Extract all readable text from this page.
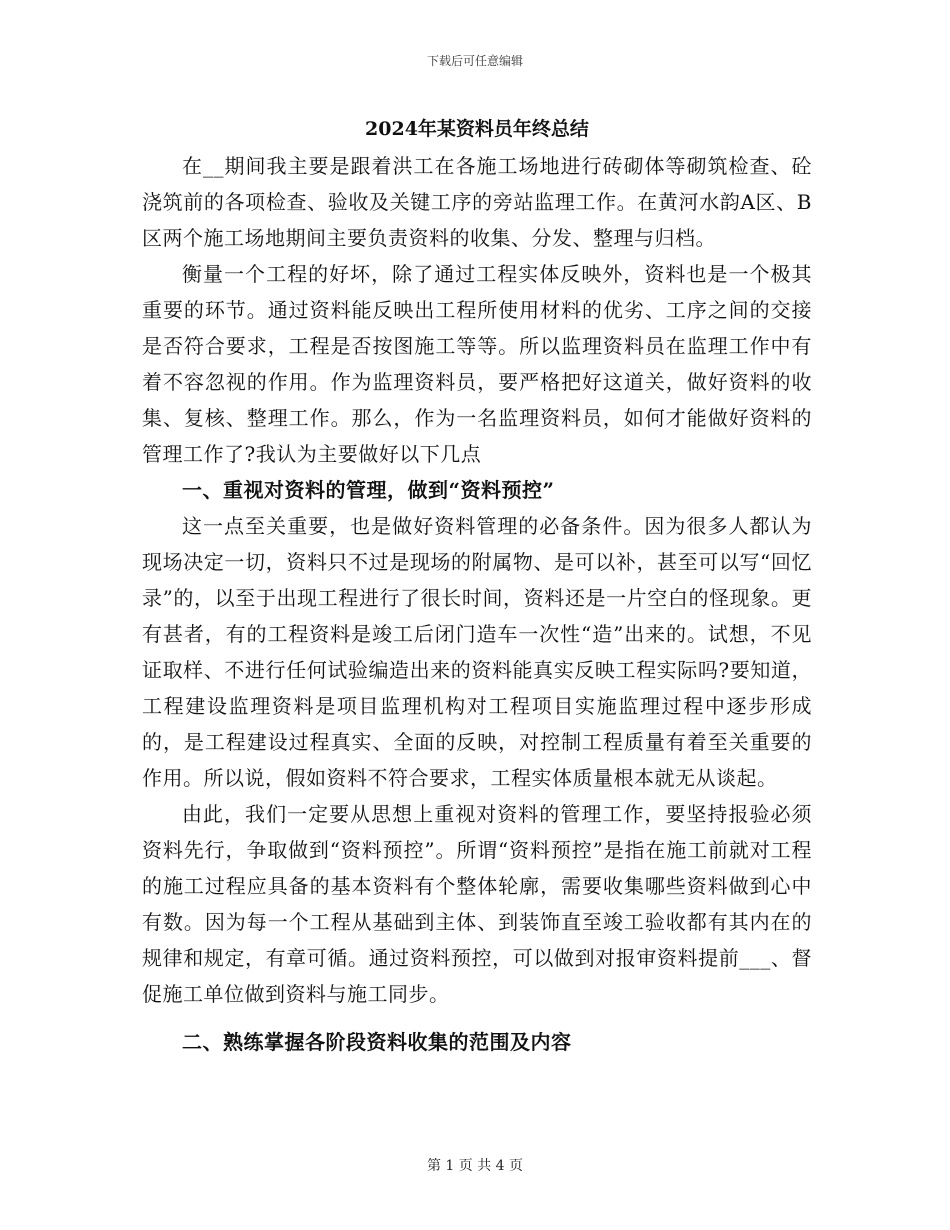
下载后可任意编辑
2024年某资料员年终总结

在__期间我主要是跟着洪工在各施工场地进行砖砌体等砌筑检查、砼浇筑前的各项检查、验收及关键工序的旁站监理工作。在黄河水韵A区、B区两个施工场地期间主要负责资料的收集、分发、整理与归档。

衡量一个工程的好坏，除了通过工程实体反映外，资料也是一个极其重要的环节。通过资料能反映出工程所使用材料的优劣、工序之间的交接是否符合要求，工程是否按图施工等等。所以监理资料员在监理工作中有着不容忽视的作用。作为监理资料员，要严格把好这道关，做好资料的收集、复核、整理工作。那么，作为一名监理资料员，如何才能做好资料的管理工作了?我认为主要做好以下几点

一、重视对资料的管理，做到“资料预控”

这一点至关重要，也是做好资料管理的必备条件。因为很多人都认为现场决定一切，资料只不过是现场的附属物、是可以补，甚至可以写“回忆录”的，以至于出现工程进行了很长时间，资料还是一片空白的怪现象。更有甚者，有的工程资料是竣工后闭门造车一次性“造”出来的。试想，不见证取样、不进行任何试验编造出来的资料能真实反映工程实际吗?要知道，工程建设监理资料是项目监理机构对工程项目实施监理过程中逐步形成的，是工程建设过程真实、全面的反映，对控制工程质量有着至关重要的作用。所以说，假如资料不符合要求，工程实体质量根本就无从谈起。

由此，我们一定要从思想上重视对资料的管理工作，要坚持报验必须资料先行，争取做到“资料预控”。所谓“资料预控”是指在施工前就对工程的施工过程应具备的基本资料有个整体轮廓，需要收集哪些资料做到心中有数。因为每一个工程从基础到主体、到装饰直至竣工验收都有其内在的规律和规定，有章可循。通过资料预控，可以做到对报审资料提前___、督促施工单位做到资料与施工同步。

二、熟练掌握各阶段资料收集的范围及内容

第 1 页 共 4 页
